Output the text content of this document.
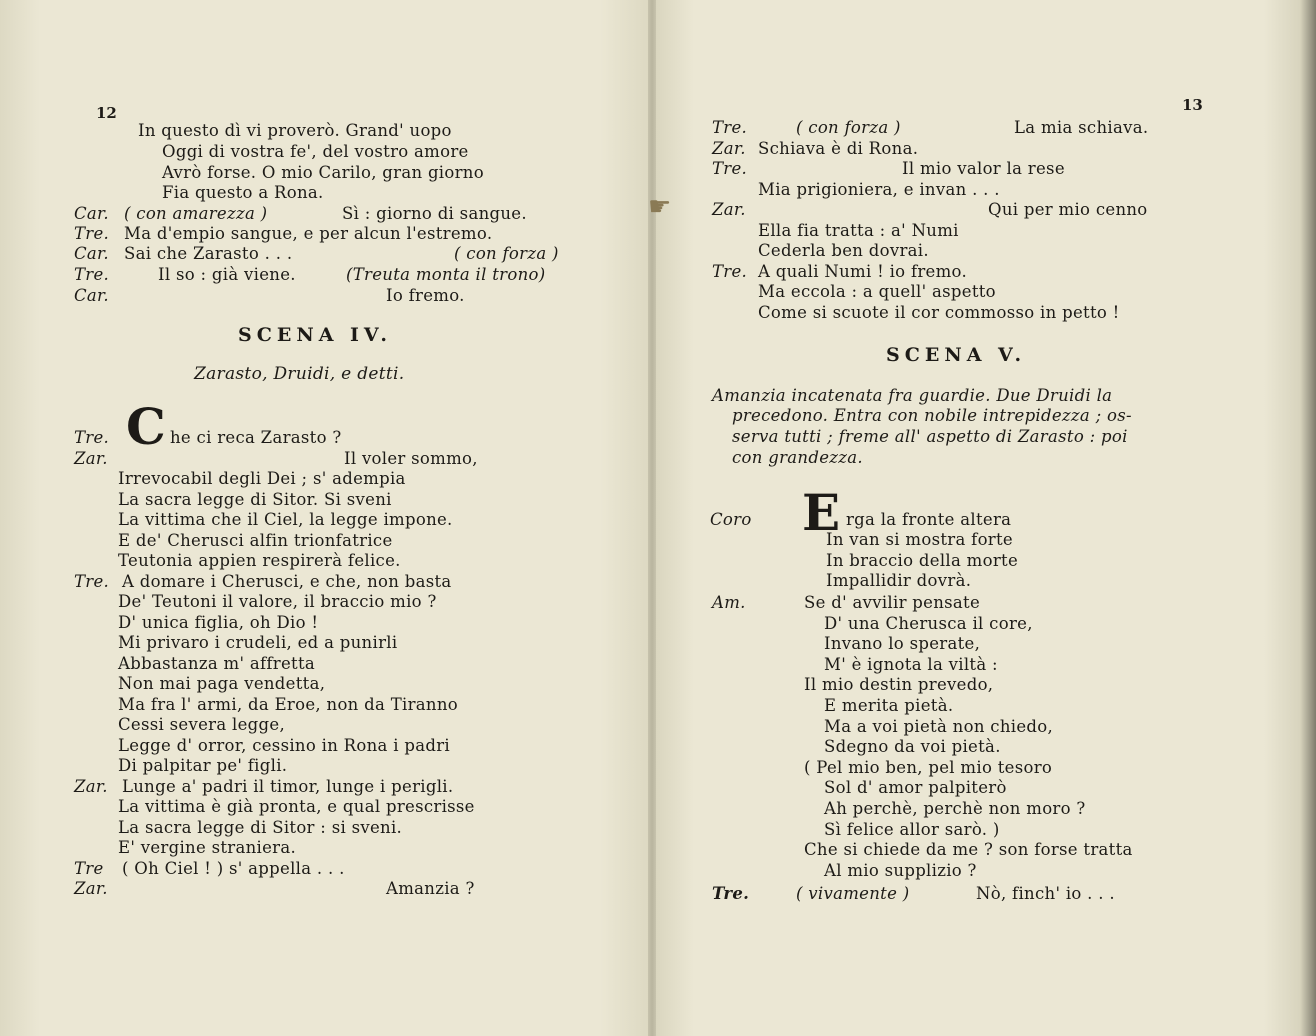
☛
12
In questo dì vi proverò. Grand' uopo
Oggi di vostra fe', del vostro amore
Avrò forse. O mio Carilo, gran giorno
Fia questo a Rona.
Car. ( con amarezza )	Sì : giorno di sangue.
Tre. Ma d'empio sangue, e per alcun l'estremo.
Car. Sai che Zarasto . . .	( con forza )
Tre.	Il so : già viene.	(Treuta monta il trono)
Car.	Io fremo.
SCENA IV.
Zarasto, Druidi, e detti.
C
Tre.	he ci reca Zarasto ?
Zar.	Il voler sommo,
Irrevocabil degli Dei ; s' adempia
La sacra legge di Sitor. Si sveni
La vittima che il Ciel, la legge impone.
E de' Cherusci alfin trionfatrice
Teutonia appien respirerà felice.
Tre. A domare i Cherusci, e che, non basta
De' Teutoni il valore, il braccio mio ?
D' unica figlia, oh Dio !
Mi privaro i crudeli, ed a punirli
Abbastanza m' affretta
Non mai paga vendetta,
Ma fra l' armi, da Eroe, non da Tiranno
Cessi severa legge,
Legge d' orror, cessino in Rona i padri
Di palpitar pe' figli.
Zar. Lunge a' padri il timor, lunge i perigli.
La vittima è già pronta, e qual prescrisse
La sacra legge di Sitor : si sveni.
E' vergine straniera.
Tre ( Oh Ciel ! ) s' appella . . .
Zar.	Amanzia ?
13
Tre.	( con forza )	La mia schiava.
Zar. Schiava è di Rona.
Tre.	Il mio valor la rese
Mia prigioniera, e invan . . .
Zar.	Qui per mio cenno
Ella fia tratta : a' Numi
Cederla ben dovrai.
Tre. A quali Numi ! io fremo.
Ma eccola : a quell' aspetto
Come si scuote il cor commosso in petto !
SCENA V.
Amanzia incatenata fra guardie. Due Druidi la
precedono. Entra con nobile intrepidezza ; os-
serva tutti ; freme all' aspetto di Zarasto : poi
con grandezza.
Coro E rga la fronte altera
In van si mostra forte
In braccio della morte
Impallidir dovrà.
Am.	Se d' avvilir pensate
D' una Cherusca il core,
Invano lo sperate,
M' è ignota la viltà :
Il mio destin prevedo,
E merita pietà.
Ma a voi pietà non chiedo,
Sdegno da voi pietà.
( Pel mio ben, pel mio tesoro
Sol d' amor palpiterò
Ah perchè, perchè non moro ?
Sì felice allor sarò. )
Che si chiede da me ? son forse tratta
Al mio supplizio ?
Tre.	( vivamente )	Nò, finch' io . . .
